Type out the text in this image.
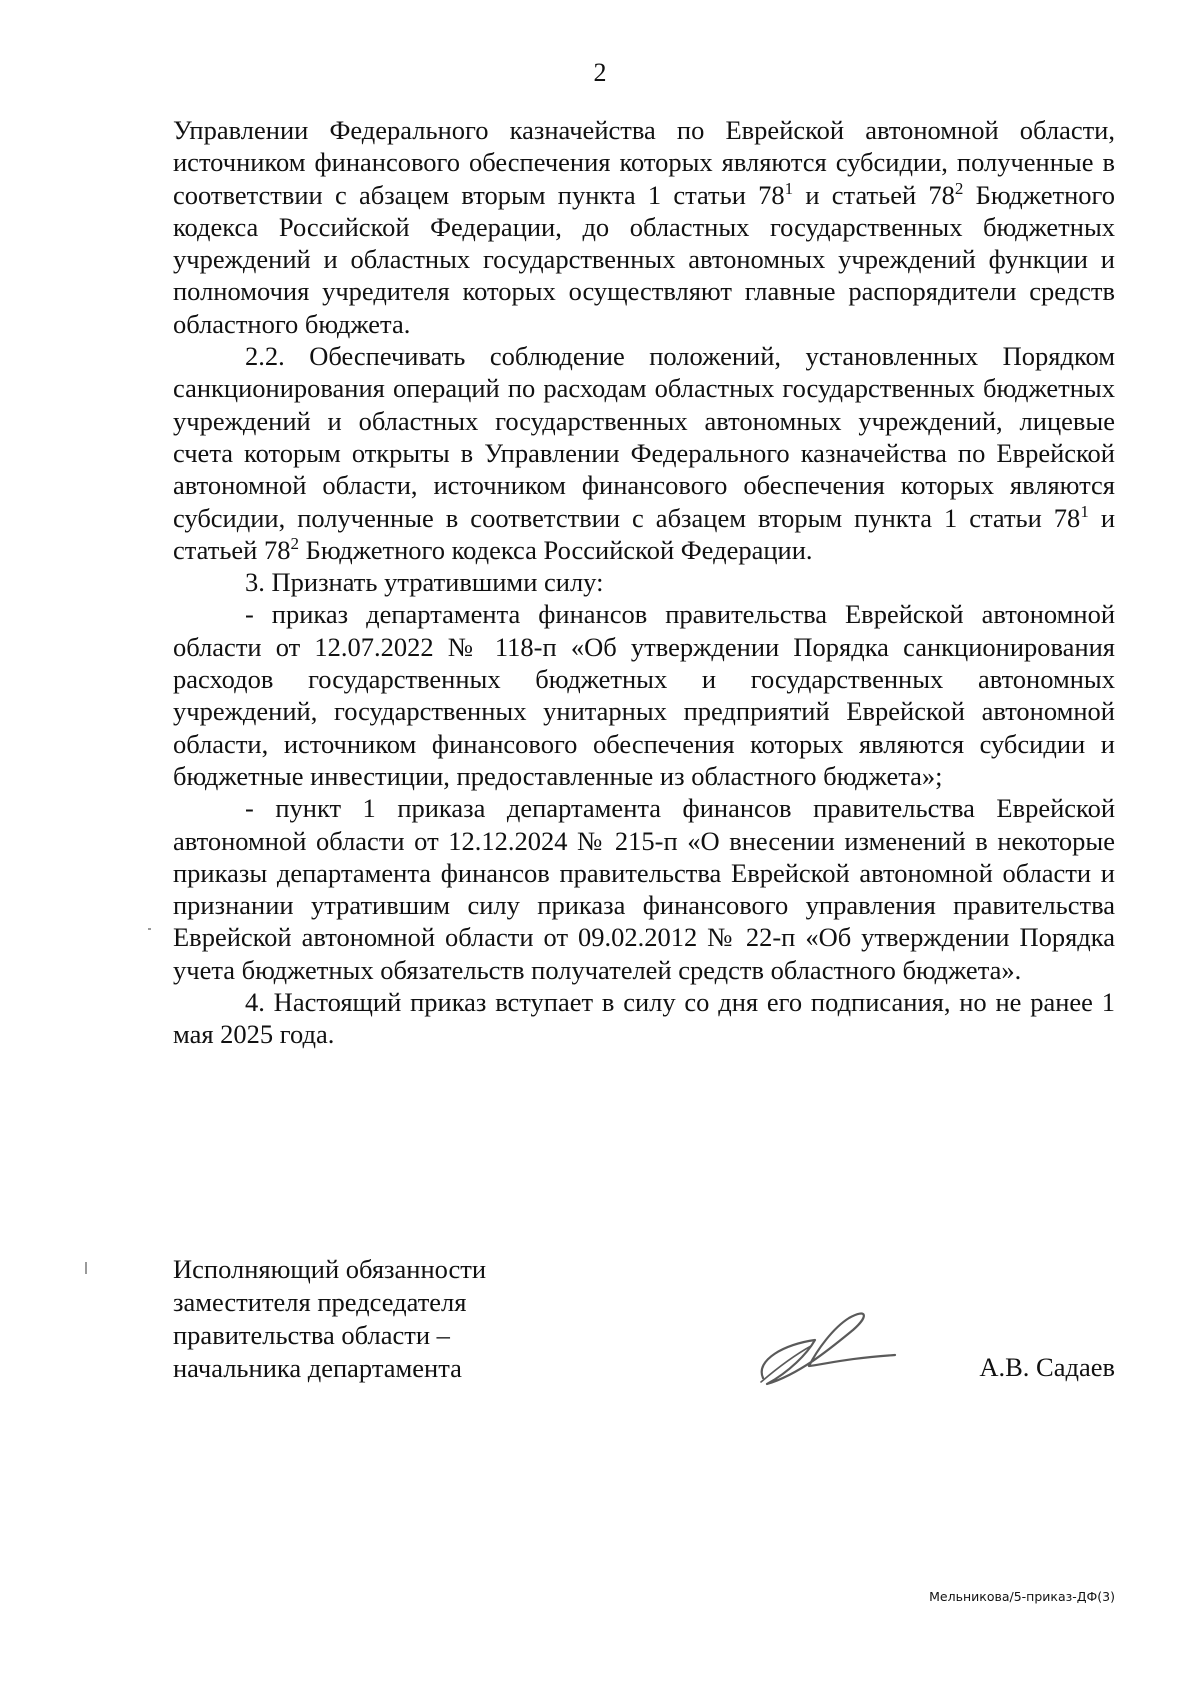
2

Управлении Федерального казначейства по Еврейской автономной области, источником финансового обеспечения которых являются субсидии, полученные в соответствии с абзацем вторым пункта 1 статьи $78^1$ и статьей $78^2$ Бюджетного кодекса Российской Федерации, до областных государственных бюджетных учреждений и областных государственных автономных учреждений функции и полномочия учредителя которых осуществляют главные распорядители средств областного бюджета.

2.2. Обеспечивать соблюдение положений, установленных Порядком санкционирования операций по расходам областных государственных бюджетных учреждений и областных государственных автономных учреждений, лицевые счета которым открыты в Управлении Федерального казначейства по Еврейской автономной области, источником финансового обеспечения которых являются субсидии, полученные в соответствии с абзацем вторым пункта 1 статьи $78^1$ и статьей $78^2$ Бюджетного кодекса Российской Федерации.

3. Признать утратившими силу:

- приказ департамента финансов правительства Еврейской автономной области от 12.07.2022 № 118-п «Об утверждении Порядка санкционирования расходов государственных бюджетных и государственных автономных учреждений, государственных унитарных предприятий Еврейской автономной области, источником финансового обеспечения которых являются субсидии и бюджетные инвестиции, предоставленные из областного бюджета»;

- пункт 1 приказа департамента финансов правительства Еврейской автономной области от 12.12.2024 № 215-п «О внесении изменений в некоторые приказы департамента финансов правительства Еврейской автономной области и признании утратившим силу приказа финансового управления правительства Еврейской автономной области от 09.02.2012 № 22-п «Об утверждении Порядка учета бюджетных обязательств получателей средств областного бюджета».

4. Настоящий приказ вступает в силу со дня его подписания, но не ранее 1 мая 2025 года.

Исполняющий обязанности
заместителя председателя
правительства области –
начальника департамента	А.В. Садаев
Мельникова/5-приказ-ДФ(3)
